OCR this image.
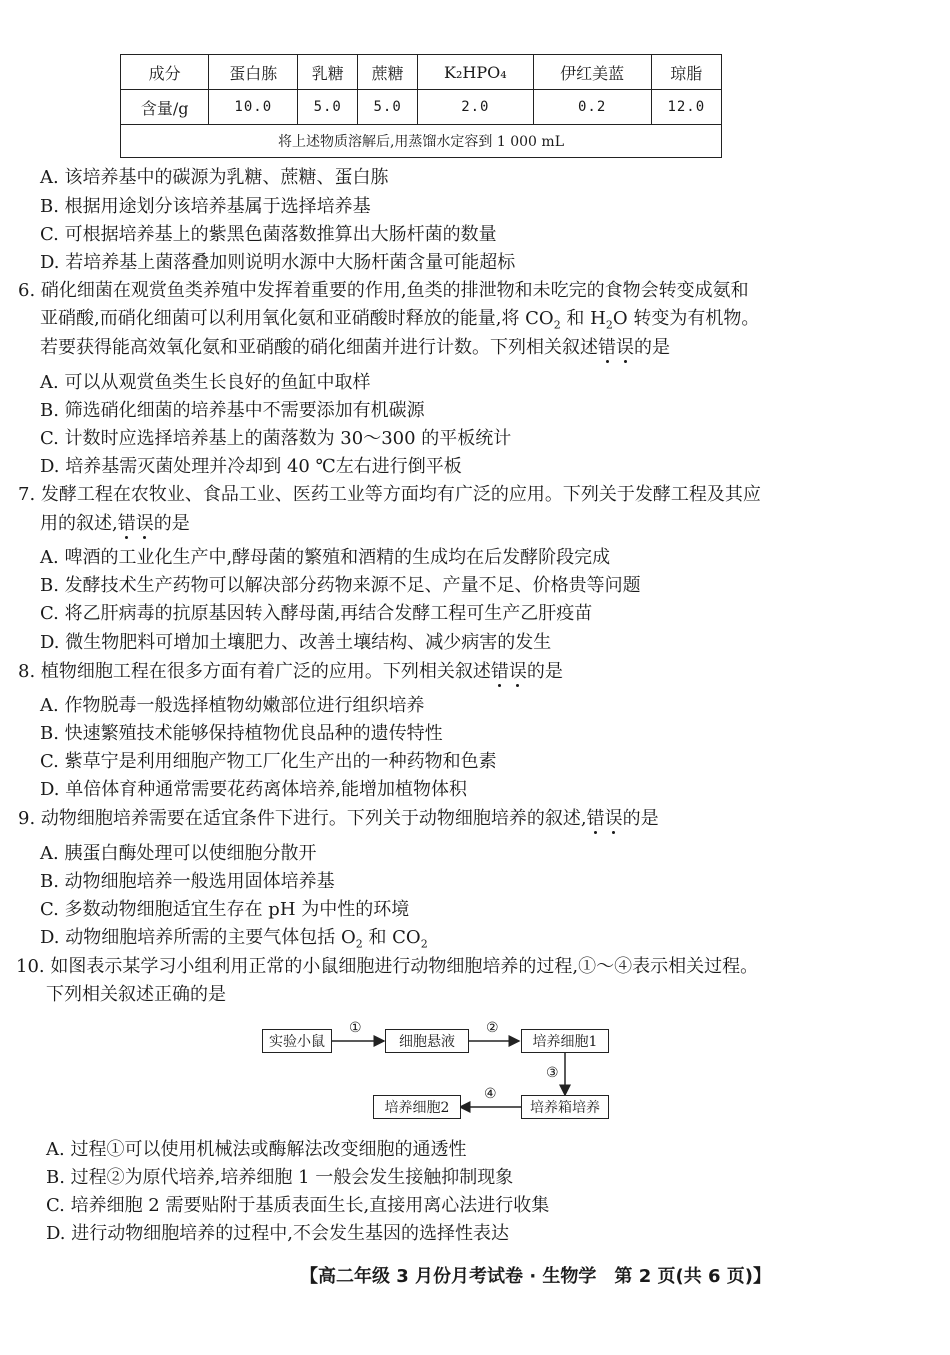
成分	蛋白胨	乳糖	蔗糖	K₂HPO₄	伊红美蓝	琼脂
含量/g	10.0	5.0	5.0	2.0	0.2	12.0
将上述物质溶解后,用蒸馏水定容到 1 000 mL						
A. 该培养基中的碳源为乳糖、蔗糖、蛋白胨
B. 根据用途划分该培养基属于选择培养基
C. 可根据培养基上的紫黑色菌落数推算出大肠杆菌的数量
D. 若培养基上菌落叠加则说明水源中大肠杆菌含量可能超标
6. 硝化细菌在观赏鱼类养殖中发挥着重要的作用,鱼类的排泄物和未吃完的食物会转变成氨和
亚硝酸,而硝化细菌可以利用氧化氨和亚硝酸时释放的能量,将 $CO_2$ 和 $H_2O$ 转变为有机物。
若要获得能高效氧化氨和亚硝酸的硝化细菌并进行计数。下列相关叙述错误的是
A. 可以从观赏鱼类生长良好的鱼缸中取样
B. 筛选硝化细菌的培养基中不需要添加有机碳源
C. 计数时应选择培养基上的菌落数为 30～300 的平板统计
D. 培养基需灭菌处理并冷却到 40 ℃左右进行倒平板
7. 发酵工程在农牧业、食品工业、医药工业等方面均有广泛的应用。下列关于发酵工程及其应
用的叙述,错误的是
A. 啤酒的工业化生产中,酵母菌的繁殖和酒精的生成均在后发酵阶段完成
B. 发酵技术生产药物可以解决部分药物来源不足、产量不足、价格贵等问题
C. 将乙肝病毒的抗原基因转入酵母菌,再结合发酵工程可生产乙肝疫苗
D. 微生物肥料可增加土壤肥力、改善土壤结构、减少病害的发生
8. 植物细胞工程在很多方面有着广泛的应用。下列相关叙述错误的是
A. 作物脱毒一般选择植物幼嫩部位进行组织培养
B. 快速繁殖技术能够保持植物优良品种的遗传特性
C. 紫草宁是利用细胞产物工厂化生产出的一种药物和色素
D. 单倍体育种通常需要花药离体培养,能增加植物体积
9. 动物细胞培养需要在适宜条件下进行。下列关于动物细胞培养的叙述,错误的是
A. 胰蛋白酶处理可以使细胞分散开
B. 动物细胞培养一般选用固体培养基
C. 多数动物细胞适宜生存在 pH 为中性的环境
D. 动物细胞培养所需的主要气体包括 $O_2$ 和 $CO_2$
10. 如图表示某学习小组利用正常的小鼠细胞进行动物细胞培养的过程,①～④表示相关过程。
下列相关叙述正确的是
实验小鼠	细胞悬液	培养细胞1
培养箱培养
培养细胞2
①	②
③
④
A. 过程①可以使用机械法或酶解法改变细胞的通透性
B. 过程②为原代培养,培养细胞 1 一般会发生接触抑制现象
C. 培养细胞 2 需要贴附于基质表面生长,直接用离心法进行收集
D. 进行动物细胞培养的过程中,不会发生基因的选择性表达
【高二年级 3 月份月考试卷 · 生物学　第 2 页(共 6 页)】
